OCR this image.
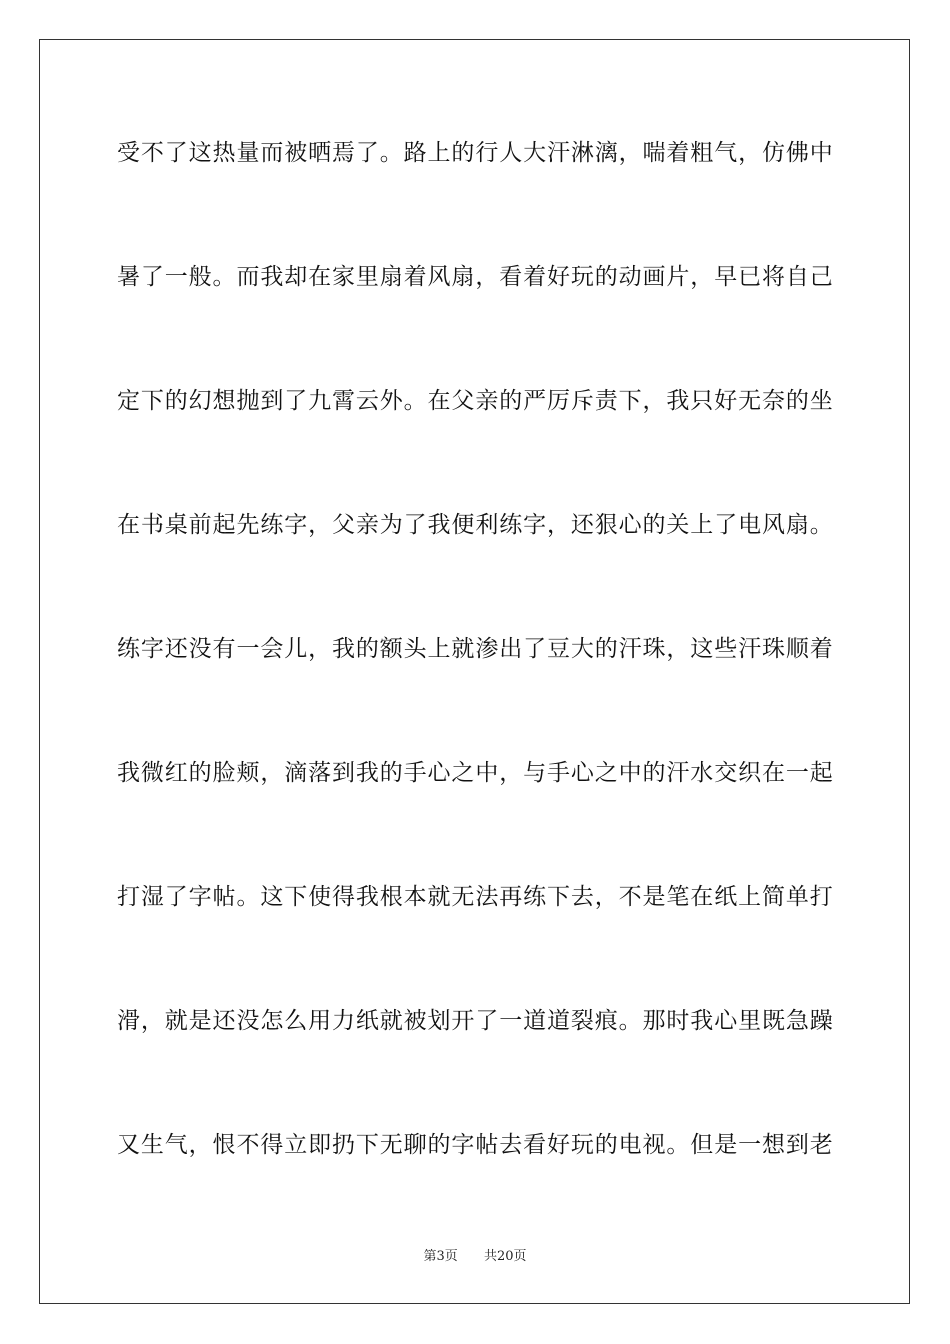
受不了这热量而被晒焉了。路上的行人大汗淋漓，喘着粗气，仿佛中
暑了一般。而我却在家里扇着风扇，看着好玩的动画片，早已将自己
定下的幻想抛到了九霄云外。在父亲的严厉斥责下，我只好无奈的坐
在书桌前起先练字，父亲为了我便利练字，还狠心的关上了电风扇。
练字还没有一会儿，我的额头上就渗出了豆大的汗珠，这些汗珠顺着
我微红的脸颊，滴落到我的手心之中，与手心之中的汗水交织在一起
打湿了字帖。这下使得我根本就无法再练下去，不是笔在纸上简单打
滑，就是还没怎么用力纸就被划开了一道道裂痕。那时我心里既急躁
又生气，恨不得立即扔下无聊的字帖去看好玩的电视。但是一想到老
第3页 共20页
